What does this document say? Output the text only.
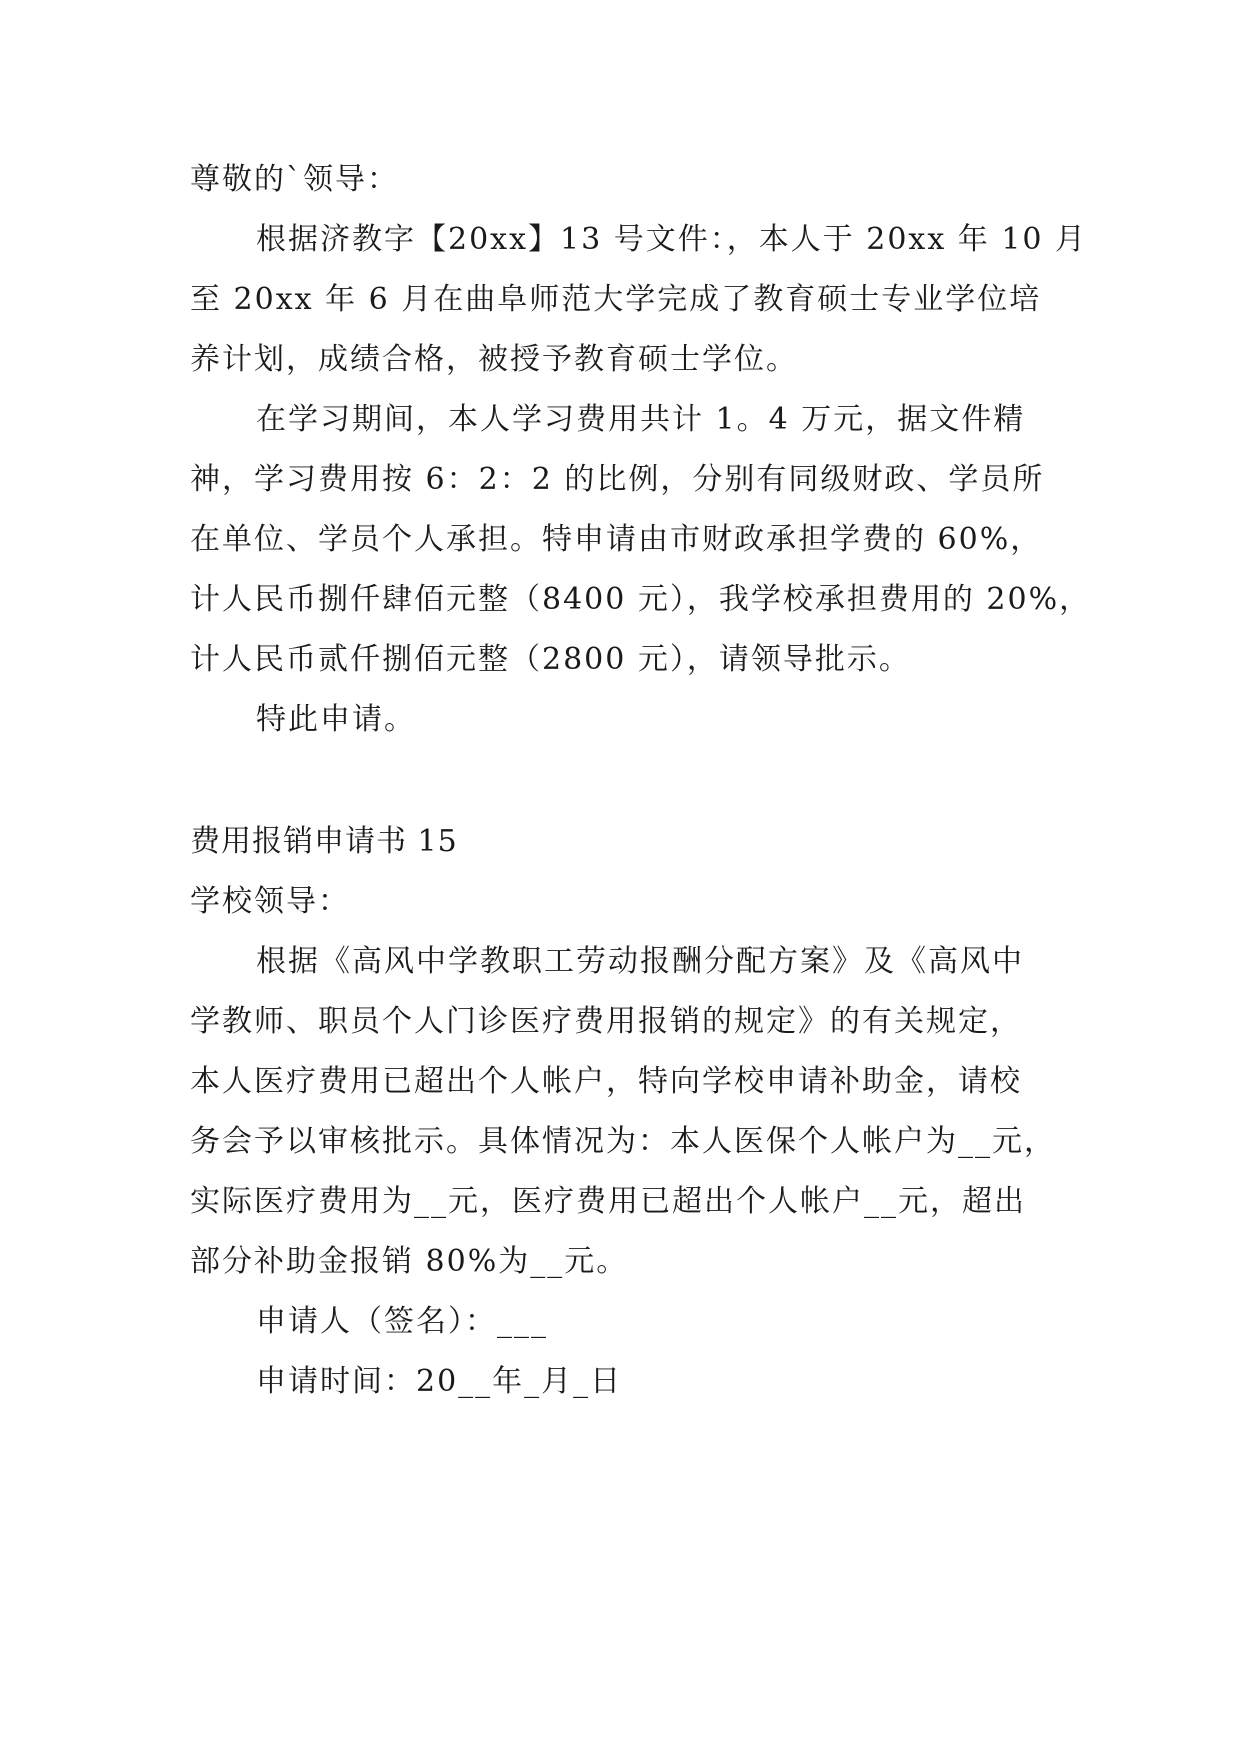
尊敬的`领导：
根据济教字【20xx】13 号文件：，本人于 20xx 年 10 月
至 20xx 年 6 月在曲阜师范大学完成了教育硕士专业学位培
养计划，成绩合格，被授予教育硕士学位。
在学习期间，本人学习费用共计 1。4 万元，据文件精
神，学习费用按 6：2：2 的比例，分别有同级财政、学员所
在单位、学员个人承担。特申请由市财政承担学费的 60%，
计人民币捌仟肆佰元整（8400 元），我学校承担费用的 20%，
计人民币贰仟捌佰元整（2800 元），请领导批示。
特此申请。
费用报销申请书 15
学校领导：
根据《高风中学教职工劳动报酬分配方案》及《高风中
学教师、职员个人门诊医疗费用报销的规定》的有关规定，
本人医疗费用已超出个人帐户，特向学校申请补助金，请校
务会予以审核批示。具体情况为：本人医保个人帐户为__元，
实际医疗费用为__元，医疗费用已超出个人帐户__元，超出
部分补助金报销 80%为__元。
申请人（签名）：___
申请时间：20__年_月_日
